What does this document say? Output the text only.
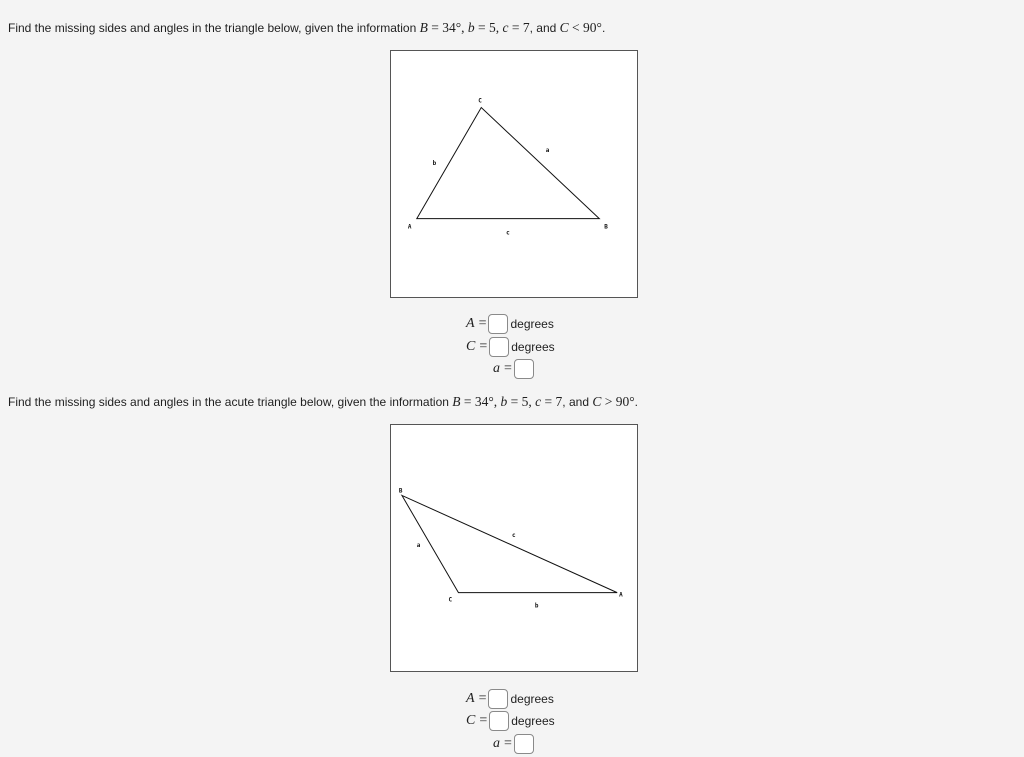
Find the missing sides and angles in the triangle below, given the information B = 34°, b = 5, c = 7, and C < 90°.
A
C
B
b
a
c
A = degrees
C = degrees
a =
Find the missing sides and angles in the acute triangle below, given the information B = 34°, b = 5, c = 7, and C > 90°.
B
C
A
a
c
b
A = degrees
C = degrees
a =
